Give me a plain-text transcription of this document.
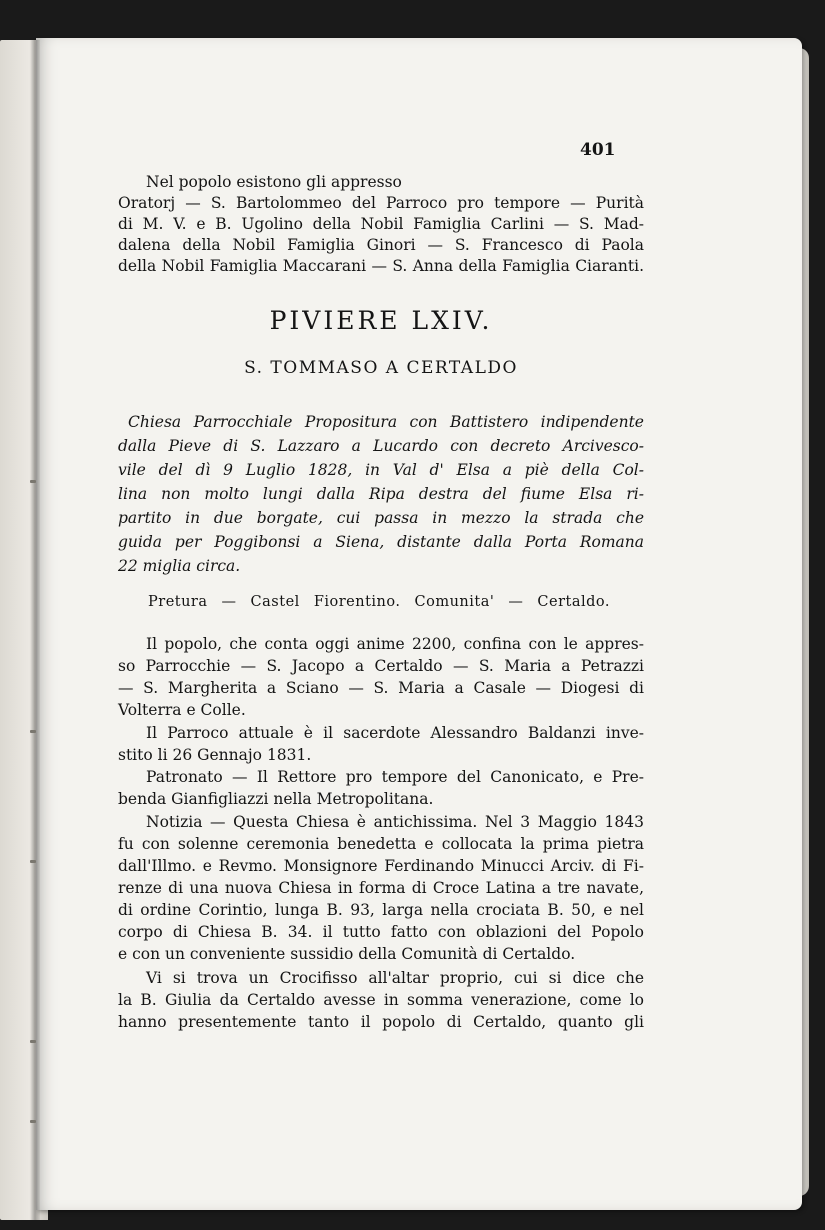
401
Nel popolo esistono gli appresso
Oratorj — S. Bartolommeo del Parroco pro tempore — Purità
di M. V. e B. Ugolino della Nobil Famiglia Carlini — S. Mad-
dalena della Nobil Famiglia Ginori — S. Francesco di Paola
della Nobil Famiglia Maccarani — S. Anna della Famiglia Ciaranti.
PIVIERE LXIV.
S. TOMMASO A CERTALDO
Chiesa Parrocchiale Propositura con Battistero indipendente
dalla Pieve di S. Lazzaro a Lucardo con decreto Arcivesco-
vile del dì 9 Luglio 1828, in Val d' Elsa a piè della Col-
lina non molto lungi dalla Ripa destra del fiume Elsa ri-
partito in due borgate, cui passa in mezzo la strada che
guida per Poggibonsi a Siena, distante dalla Porta Romana
22 miglia circa.
Pretura — Castel Fiorentino. Comunita' — Certaldo.
Il popolo, che conta oggi anime 2200, confina con le appres-
so Parrocchie — S. Jacopo a Certaldo — S. Maria a Petrazzi
— S. Margherita a Sciano — S. Maria a Casale — Diogesi di
Volterra e Colle.
Il Parroco attuale è il sacerdote Alessandro Baldanzi inve-
stito li 26 Gennajo 1831.
Patronato — Il Rettore pro tempore del Canonicato, e Pre-
benda Gianfigliazzi nella Metropolitana.
Notizia — Questa Chiesa è antichissima. Nel 3 Maggio 1843
fu con solenne ceremonia benedetta e collocata la prima pietra
dall'Illmo. e Revmo. Monsignore Ferdinando Minucci Arciv. di Fi-
renze di una nuova Chiesa in forma di Croce Latina a tre navate,
di ordine Corintio, lunga B. 93, larga nella crociata B. 50, e nel
corpo di Chiesa B. 34. il tutto fatto con oblazioni del Popolo
e con un conveniente sussidio della Comunità di Certaldo.
Vi si trova un Crocifisso all'altar proprio, cui si dice che
la B. Giulia da Certaldo avesse in somma venerazione, come lo
hanno presentemente tanto il popolo di Certaldo, quanto gli
